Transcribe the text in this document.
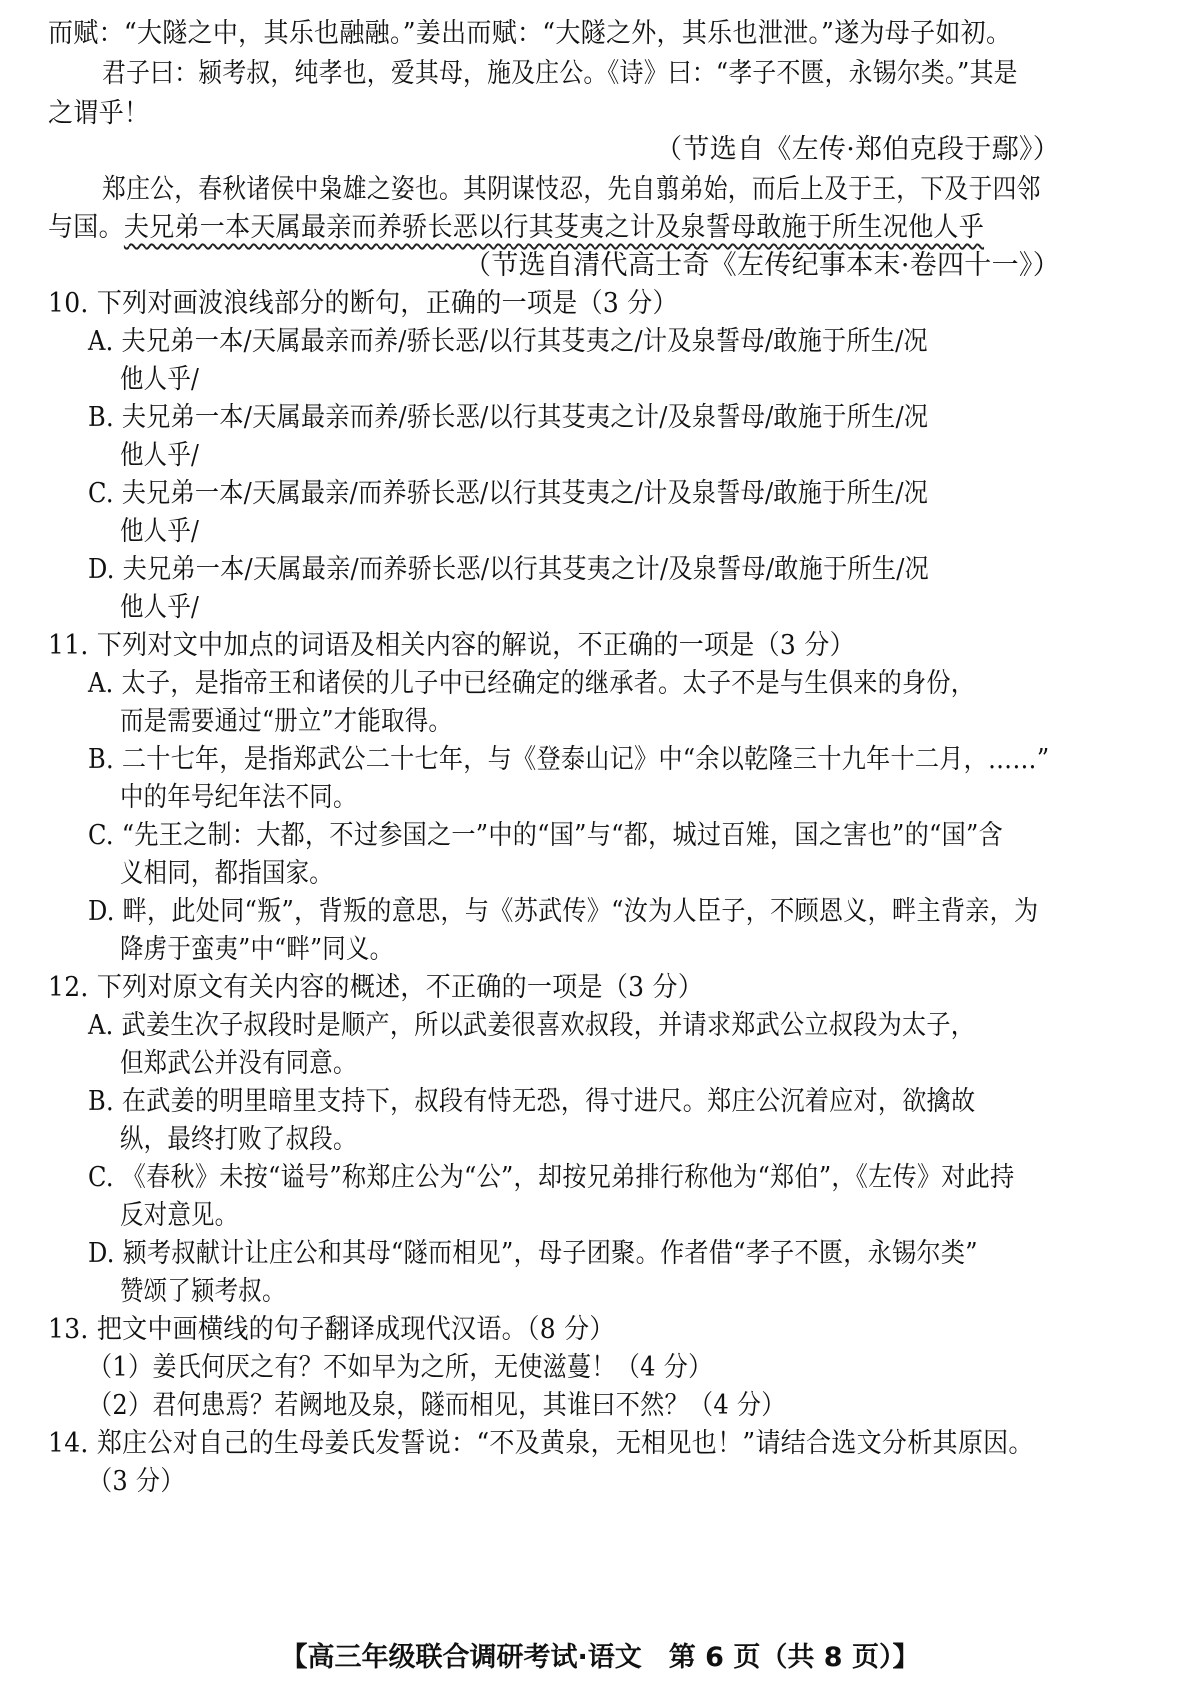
而赋：“大隧之中，其乐也融融。”姜出而赋：“大隧之外，其乐也泄泄。”遂为母子如初。
君子曰：颍考叔，纯孝也，爱其母，施及庄公。《诗》曰：“孝子不匮，永锡尔类。”其是
之谓乎！
（节选自《左传·郑伯克段于鄢》）
郑庄公，春秋诸侯中枭雄之姿也。其阴谋忮忍，先自翦弟始，而后上及于王，下及于四邻
与国。夫兄弟一本天属最亲而养骄长恶以行其芟夷之计及泉誓母敢施于所生况他人乎
（节选自清代高士奇《左传纪事本末·卷四十一》）
10. 下列对画波浪线部分的断句，正确的一项是（3 分）
A. 夫兄弟一本/天属最亲而养/骄长恶/以行其芟夷之/计及泉誓母/敢施于所生/况
他人乎/
B. 夫兄弟一本/天属最亲而养/骄长恶/以行其芟夷之计/及泉誓母/敢施于所生/况
他人乎/
C. 夫兄弟一本/天属最亲/而养骄长恶/以行其芟夷之/计及泉誓母/敢施于所生/况
他人乎/
D. 夫兄弟一本/天属最亲/而养骄长恶/以行其芟夷之计/及泉誓母/敢施于所生/况
他人乎/
11. 下列对文中加点的词语及相关内容的解说，不正确的一项是（3 分）
A. 太子，是指帝王和诸侯的儿子中已经确定的继承者。太子不是与生俱来的身份，
而是需要通过“册立”才能取得。
B. 二十七年，是指郑武公二十七年，与《登泰山记》中“余以乾隆三十九年十二月，……”
中的年号纪年法不同。
C. “先王之制：大都，不过参国之一”中的“国”与“都，城过百雉，国之害也”的“国”含
义相同，都指国家。
D. 畔，此处同“叛”，背叛的意思，与《苏武传》“汝为人臣子，不顾恩义，畔主背亲，为
降虏于蛮夷”中“畔”同义。
12. 下列对原文有关内容的概述，不正确的一项是（3 分）
A. 武姜生次子叔段时是顺产，所以武姜很喜欢叔段，并请求郑武公立叔段为太子，
但郑武公并没有同意。
B. 在武姜的明里暗里支持下，叔段有恃无恐，得寸进尺。郑庄公沉着应对，欲擒故
纵，最终打败了叔段。
C. 《春秋》未按“谥号”称郑庄公为“公”，却按兄弟排行称他为“郑伯”，《左传》对此持
反对意见。
D. 颍考叔献计让庄公和其母“隧而相见”，母子团聚。作者借“孝子不匮，永锡尔类”
赞颂了颍考叔。
13. 把文中画横线的句子翻译成现代汉语。（8 分）
（1）姜氏何厌之有？不如早为之所，无使滋蔓！（4 分）
（2）君何患焉？若阙地及泉，隧而相见，其谁曰不然？（4 分）
14. 郑庄公对自己的生母姜氏发誓说：“不及黄泉，无相见也！”请结合选文分析其原因。
（3 分）
【高三年级联合调研考试·语文　第 6 页（共 8 页）】
